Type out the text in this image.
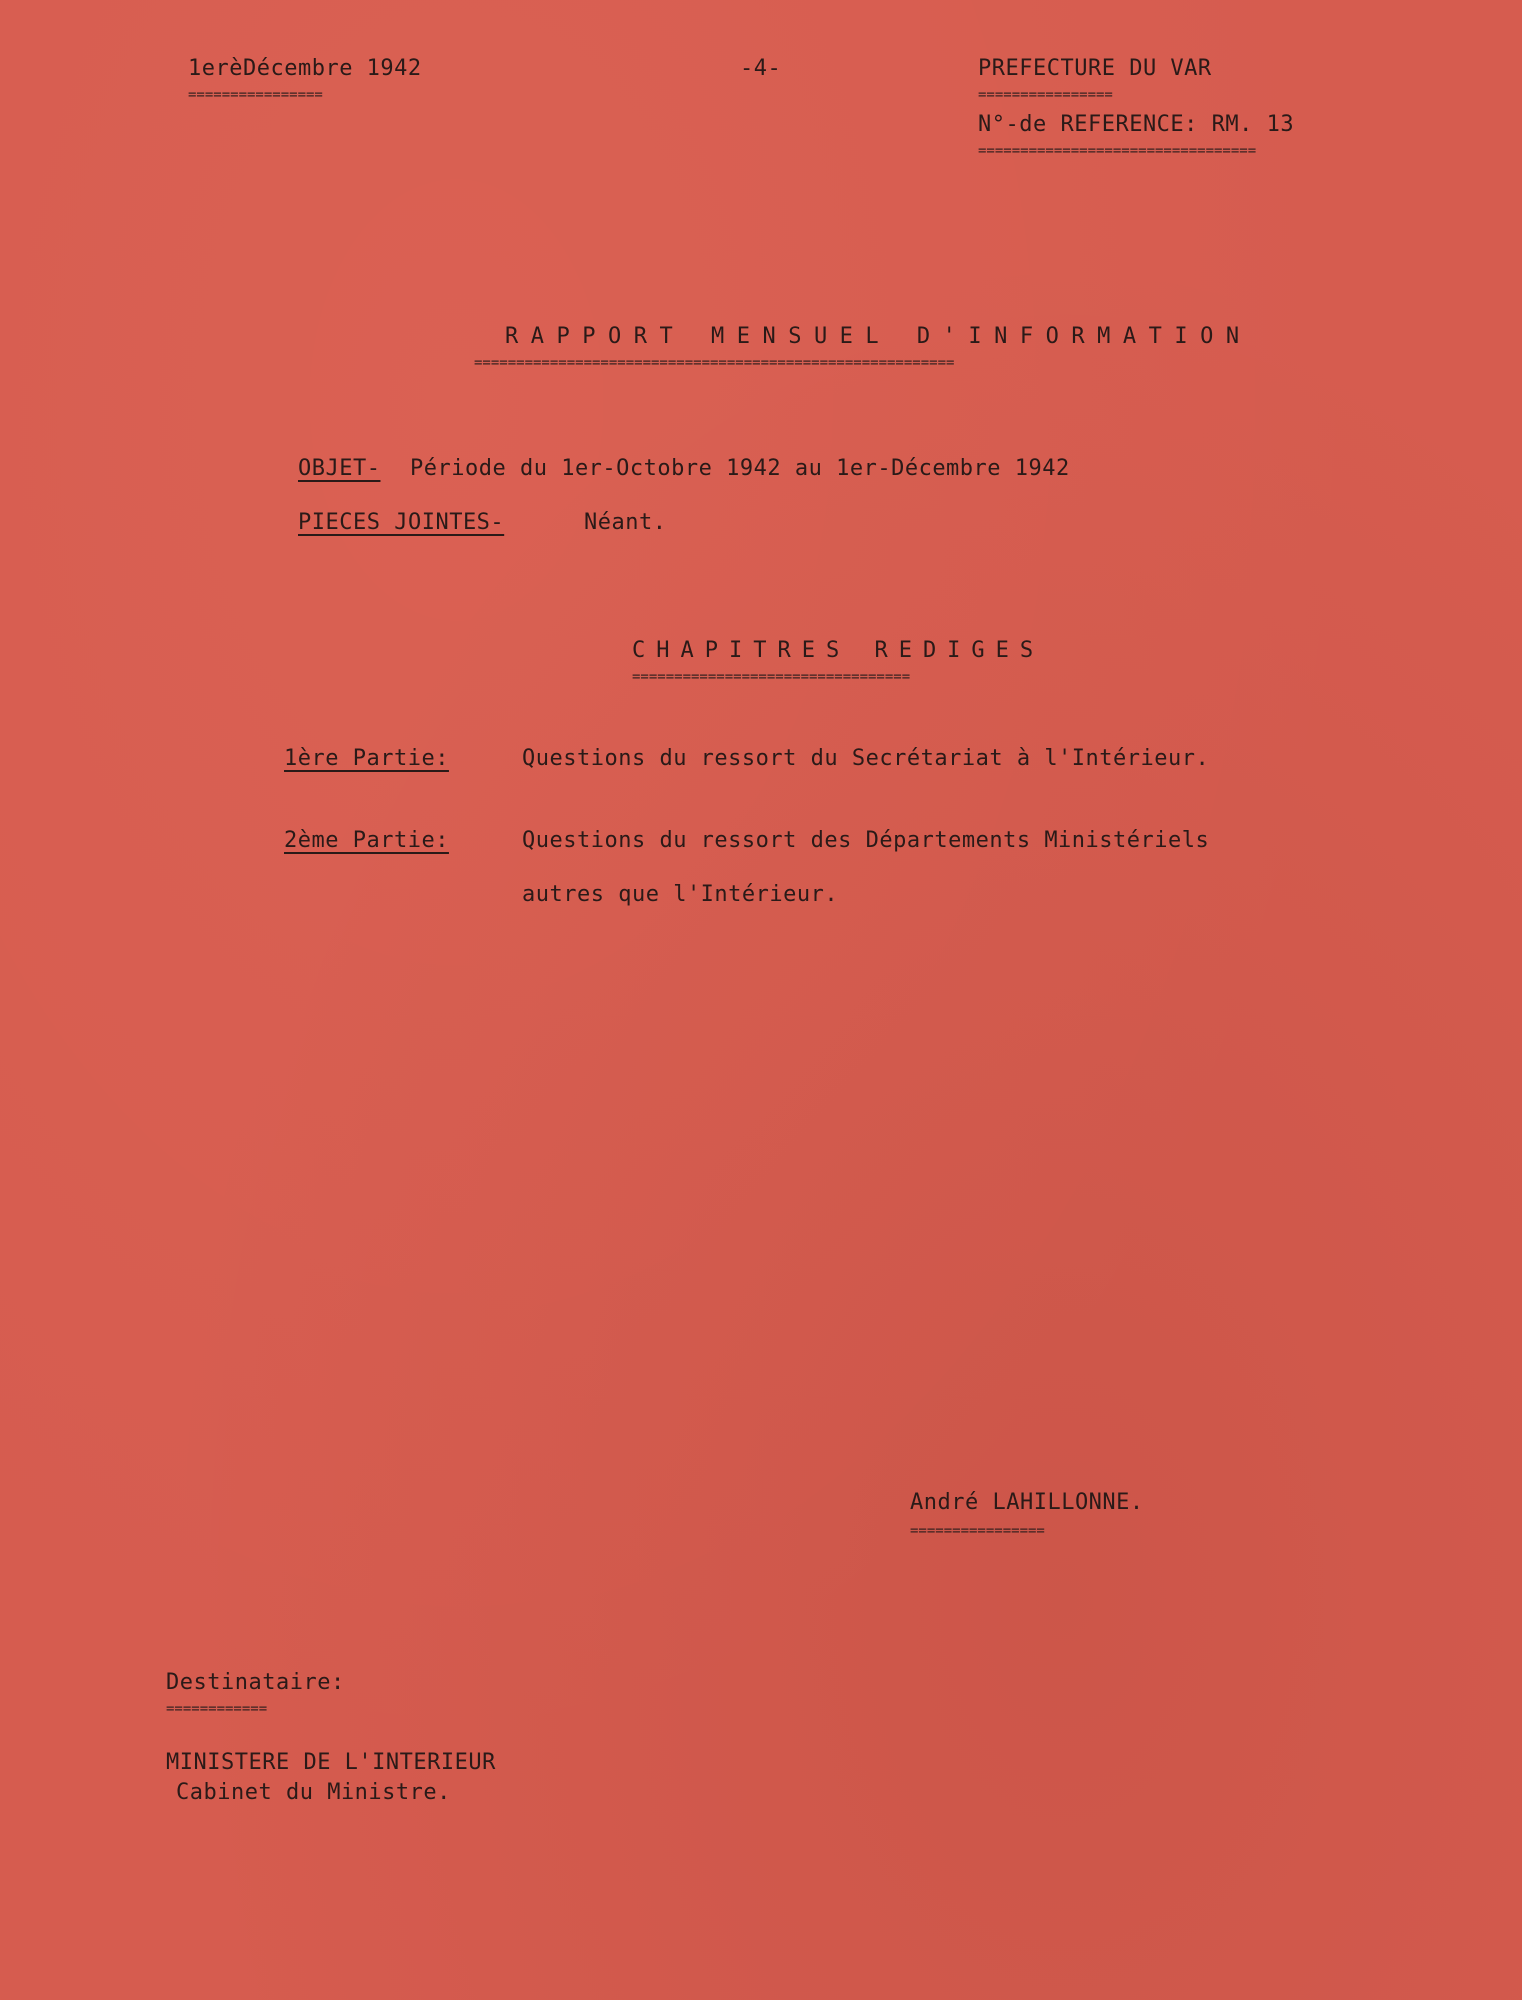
1erèDécembre 1942
================
-4-	PREFECTURE DU VAR
================
N°-de REFERENCE: RM. 13
=================================
RAPPORT MENSUEL D'INFORMATION
=========================================================
OBJET- Période du 1er-Octobre 1942 au 1er-Décembre 1942
PIECES JOINTES-	Néant.
CHAPITRES REDIGES
=================================
1ère Partie:	Questions du ressort du Secrétariat à l'Intérieur.
2ème Partie:	Questions du ressort des Départements Ministériels
autres que l'Intérieur.
André LAHILLONNE.
================
Destinataire:
============
MINISTERE DE L'INTERIEUR
Cabinet du Ministre.
